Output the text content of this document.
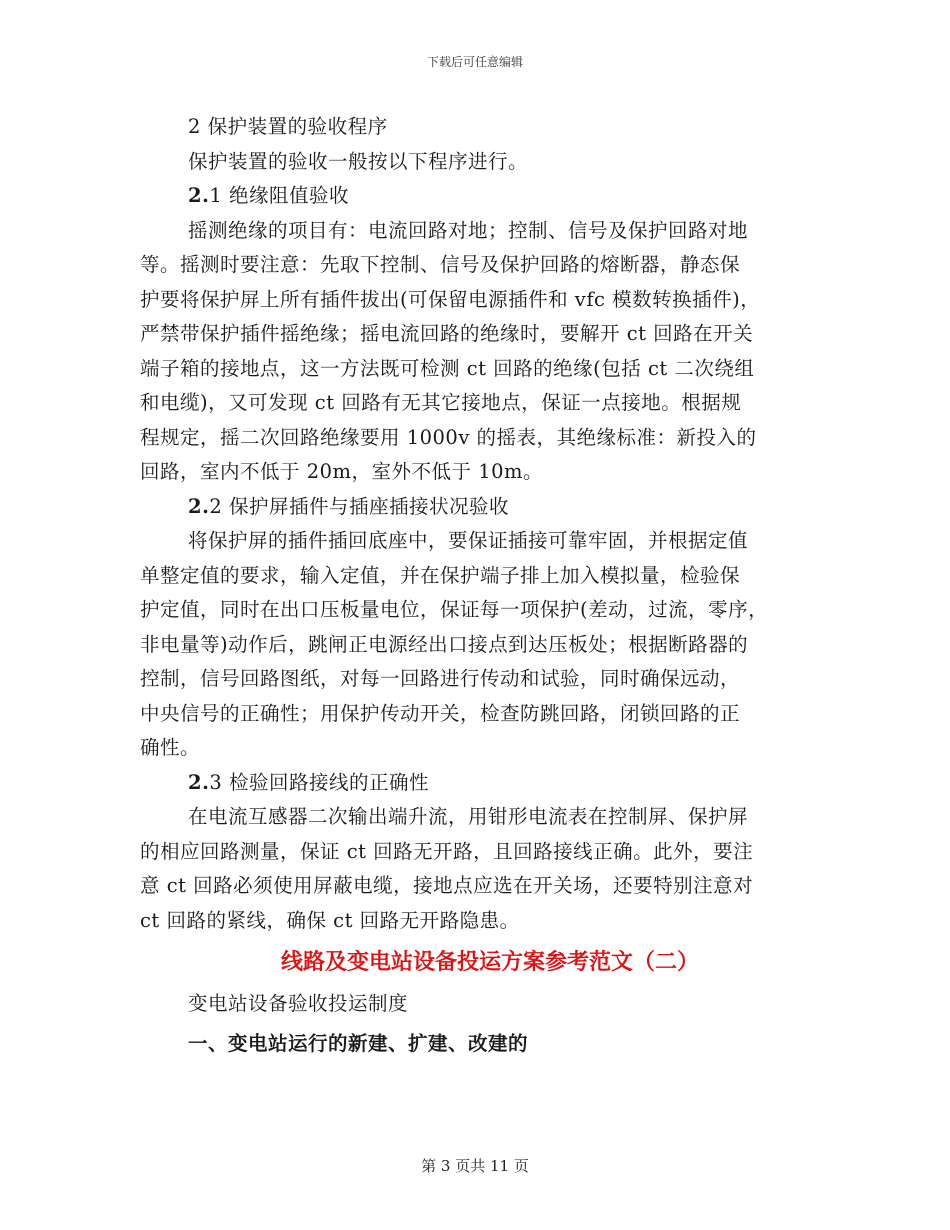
下载后可任意编辑
2 保护装置的验收程序
保护装置的验收一般按以下程序进行。
2.1 绝缘阻值验收
摇测绝缘的项目有：电流回路对地；控制、信号及保护回路对地
等。摇测时要注意：先取下控制、信号及保护回路的熔断器，静态保
护要将保护屏上所有插件拔出(可保留电源插件和 vfc 模数转换插件)，
严禁带保护插件摇绝缘；摇电流回路的绝缘时，要解开 ct 回路在开关
端子箱的接地点，这一方法既可检测 ct 回路的绝缘(包括 ct 二次绕组
和电缆)，又可发现 ct 回路有无其它接地点，保证一点接地。根据规
程规定，摇二次回路绝缘要用 1000v 的摇表，其绝缘标准：新投入的
回路，室内不低于 20m，室外不低于 10m。
2.2 保护屏插件与插座插接状况验收
将保护屏的插件插回底座中，要保证插接可靠牢固，并根据定值
单整定值的要求，输入定值，并在保护端子排上加入模拟量，检验保
护定值，同时在出口压板量电位，保证每一项保护(差动，过流，零序，
非电量等)动作后，跳闸正电源经出口接点到达压板处；根据断路器的
控制，信号回路图纸，对每一回路进行传动和试验，同时确保远动，
中央信号的正确性；用保护传动开关，检查防跳回路，闭锁回路的正
确性。
2.3 检验回路接线的正确性
在电流互感器二次输出端升流，用钳形电流表在控制屏、保护屏
的相应回路测量，保证 ct 回路无开路，且回路接线正确。此外，要注
意 ct 回路必须使用屏蔽电缆，接地点应选在开关场，还要特别注意对
ct 回路的紧线，确保 ct 回路无开路隐患。
线路及变电站设备投运方案参考范文（二）
变电站设备验收投运制度
一、变电站运行的新建、扩建、改建的
第 3 页共 11 页
